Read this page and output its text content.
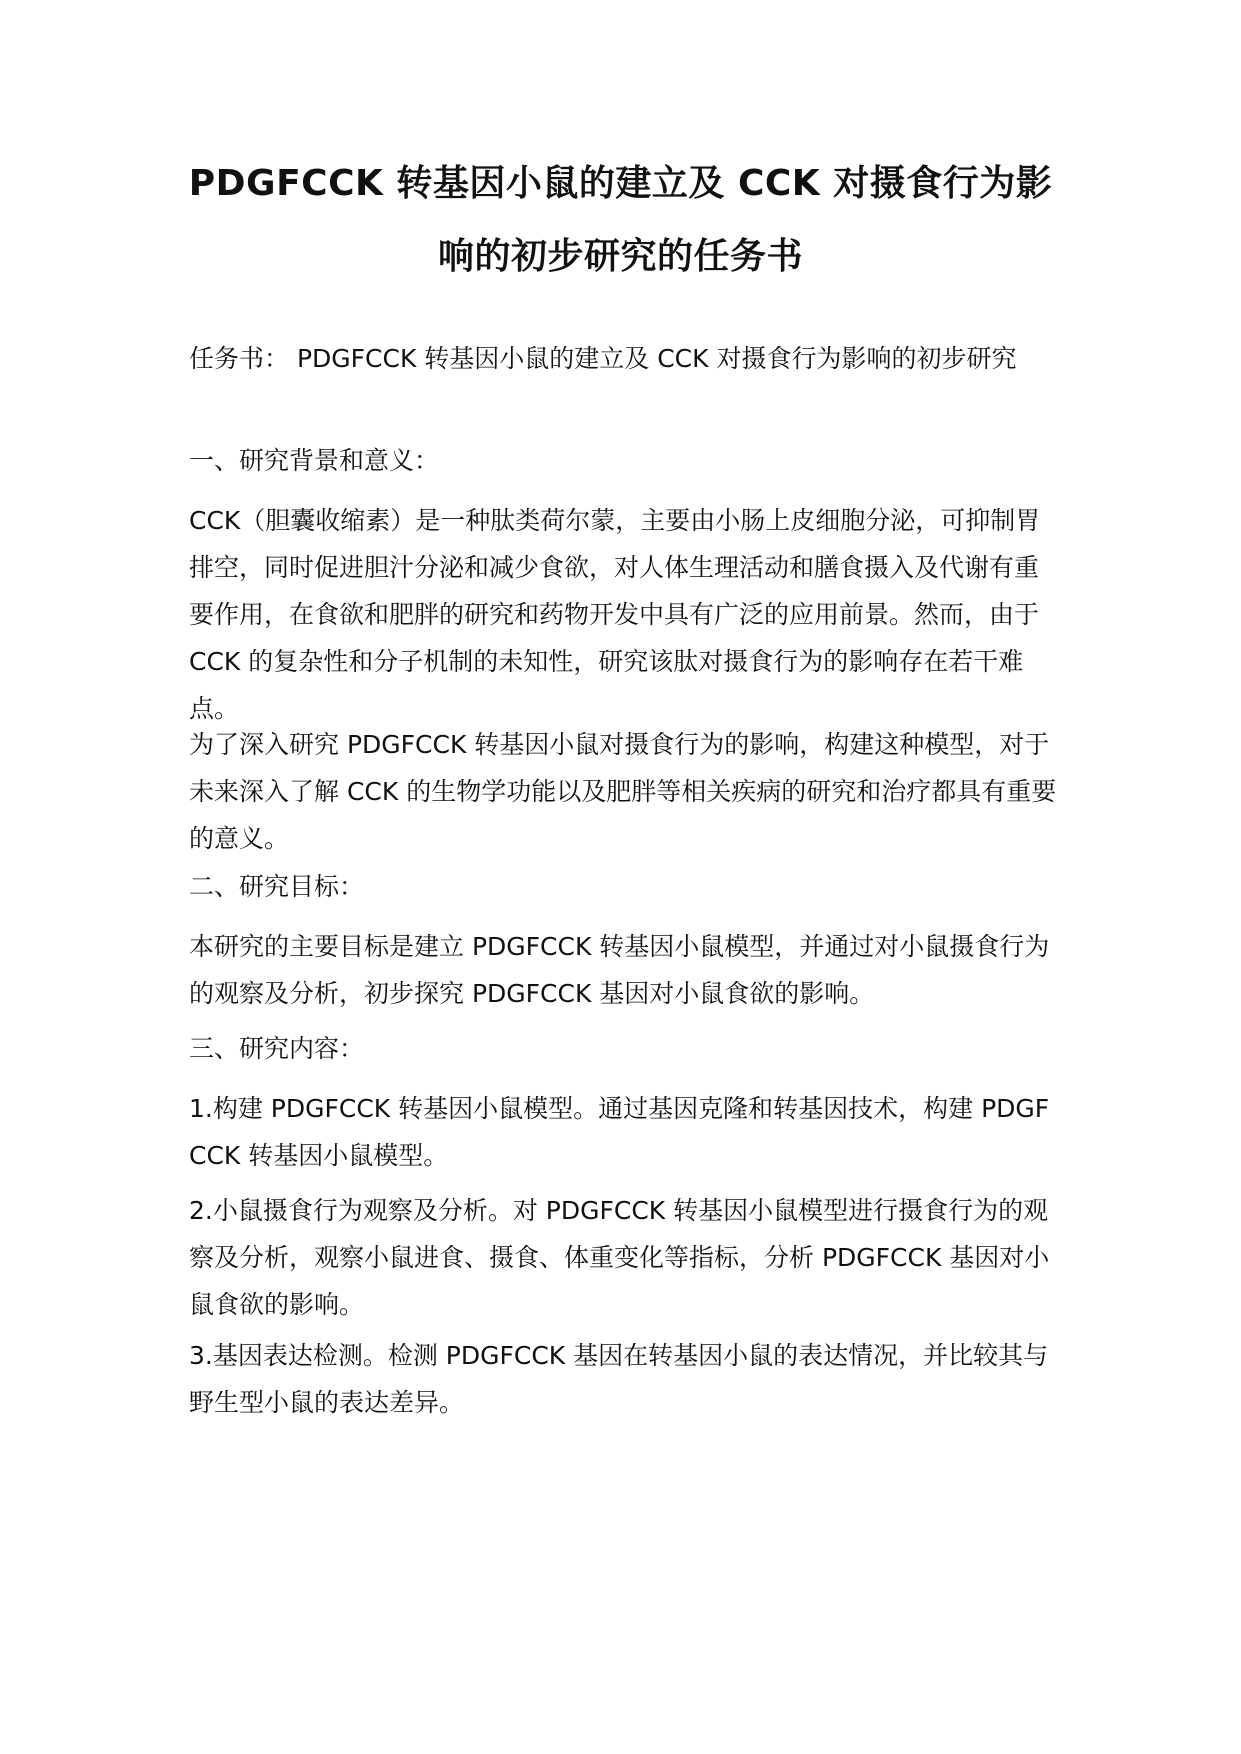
PDGFCCK 转基因小鼠的建立及 CCK 对摄食行为影
响的初步研究的任务书

任务书： PDGFCCK 转基因小鼠的建立及 CCK 对摄食行为影响的初步研究

一、研究背景和意义：

CCK（胆囊收缩素）是一种肽类荷尔蒙，主要由小肠上皮细胞分泌，可抑制胃排空，同时促进胆汁分泌和减少食欲，对人体生理活动和膳食摄入及代谢有重要作用，在食欲和肥胖的研究和药物开发中具有广泛的应用前景。然而，由于 CCK 的复杂性和分子机制的未知性，研究该肽对摄食行为的影响存在若干难点。

为了深入研究 PDGFCCK 转基因小鼠对摄食行为的影响，构建这种模型，对于未来深入了解 CCK 的生物学功能以及肥胖等相关疾病的研究和治疗都具有重要的意义。

二、研究目标：

本研究的主要目标是建立 PDGFCCK 转基因小鼠模型，并通过对小鼠摄食行为的观察及分析，初步探究 PDGFCCK 基因对小鼠食欲的影响。

三、研究内容：

1.构建 PDGFCCK 转基因小鼠模型。通过基因克隆和转基因技术，构建 PDGFCCK 转基因小鼠模型。

2.小鼠摄食行为观察及分析。对 PDGFCCK 转基因小鼠模型进行摄食行为的观察及分析，观察小鼠进食、摄食、体重变化等指标，分析 PDGFCCK 基因对小鼠食欲的影响。

3.基因表达检测。检测 PDGFCCK 基因在转基因小鼠的表达情况，并比较其与野生型小鼠的表达差异。
